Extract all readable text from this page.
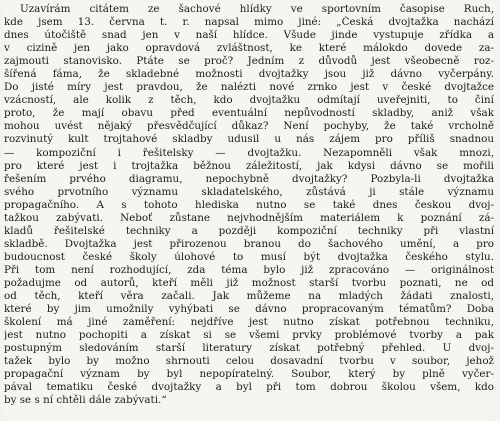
Uzavírám citátem ze šachové hlídky ve sportovním časopise Ruch,
kde jsem 13. června t. r. napsal mimo jiné: „Česká dvojtažka nachází
dnes útočiště snad jen v naší hlídce. Všude jinde vystupuje zřídka a
v cizině jen jako opravdová zvláštnost, ke které málokdo dovede za-
zajmouti stanovisko. Ptáte se proč? Jedním z důvodů jest všeobecně roz-
šířená fáma, že skladebné možnosti dvojtažky jsou již dávno vyčerpány.
Do jisté míry jest pravdou, že nalézti nové zrnko jest v české dvojtažce
vzácností, ale kolik z těch, kdo dvojtažku odmítají uveřejniti, to činí
proto, že mají obavu před eventuální nepůvodností skladby, aniž však
mohou uvést nějaký přesvědčující důkaz? Není pochyby, že také vrcholně
rozvinutý kult trojtahové skladby udusil u nás zájem pro příliš snadnou
— kompoziční i řešitelsky — dvojtažku. Nezapomněli však mnozi,
pro které jest i trojtažka běžnou záležitostí, jak kdysi dávno se mořili
řešením prvého diagramu, nepochybně dvojtažky? Pozbyla-li dvojtažka
svého prvotního významu skladatelského, zůstává ji stále významu
propagačního. A s tohoto hlediska nutno se také dnes českou dvoj-
tažkou zabývati. Neboť zůstane nejvhodnějším materiálem k poznání zá-
kladů řešitelské techniky a později kompoziční techniky při vlastní
skladbě. Dvojtažka jest přirozenou branou do šachového umění, a pro
budoucnost české školy úlohové to musí být dvojtažka českého stylu.
Při tom není rozhodující, zda téma bylo již zpracováno — originálnost
požadujme od autorů, kteří měli již možnost starší tvorbu poznati, ne od
od těch, kteří věra začali. Jak můžeme na mladých žádati znalosti,
které by jim umožnily vyhýbati se dávno propracovaným tématům? Doba
školení má jiné zaměření: nejdříve jest nutno získat potřebnou techniku,
jest nutno pochopiti a získat si se všemi prvky problémové tvorby a pak
postupným sledováním starší literatury získat potřebný přehled. U dvoj-
tažek bylo by možno shrnouti celou dosavadní tvorbu v soubor, jehož
propagační význam by byl nepopíratelný. Soubor, který by plně vyčer-
pával tematiku české dvojtažky a byl při tom dobrou školou všem, kdo
by se s ní chtěli dále zabývati.“
